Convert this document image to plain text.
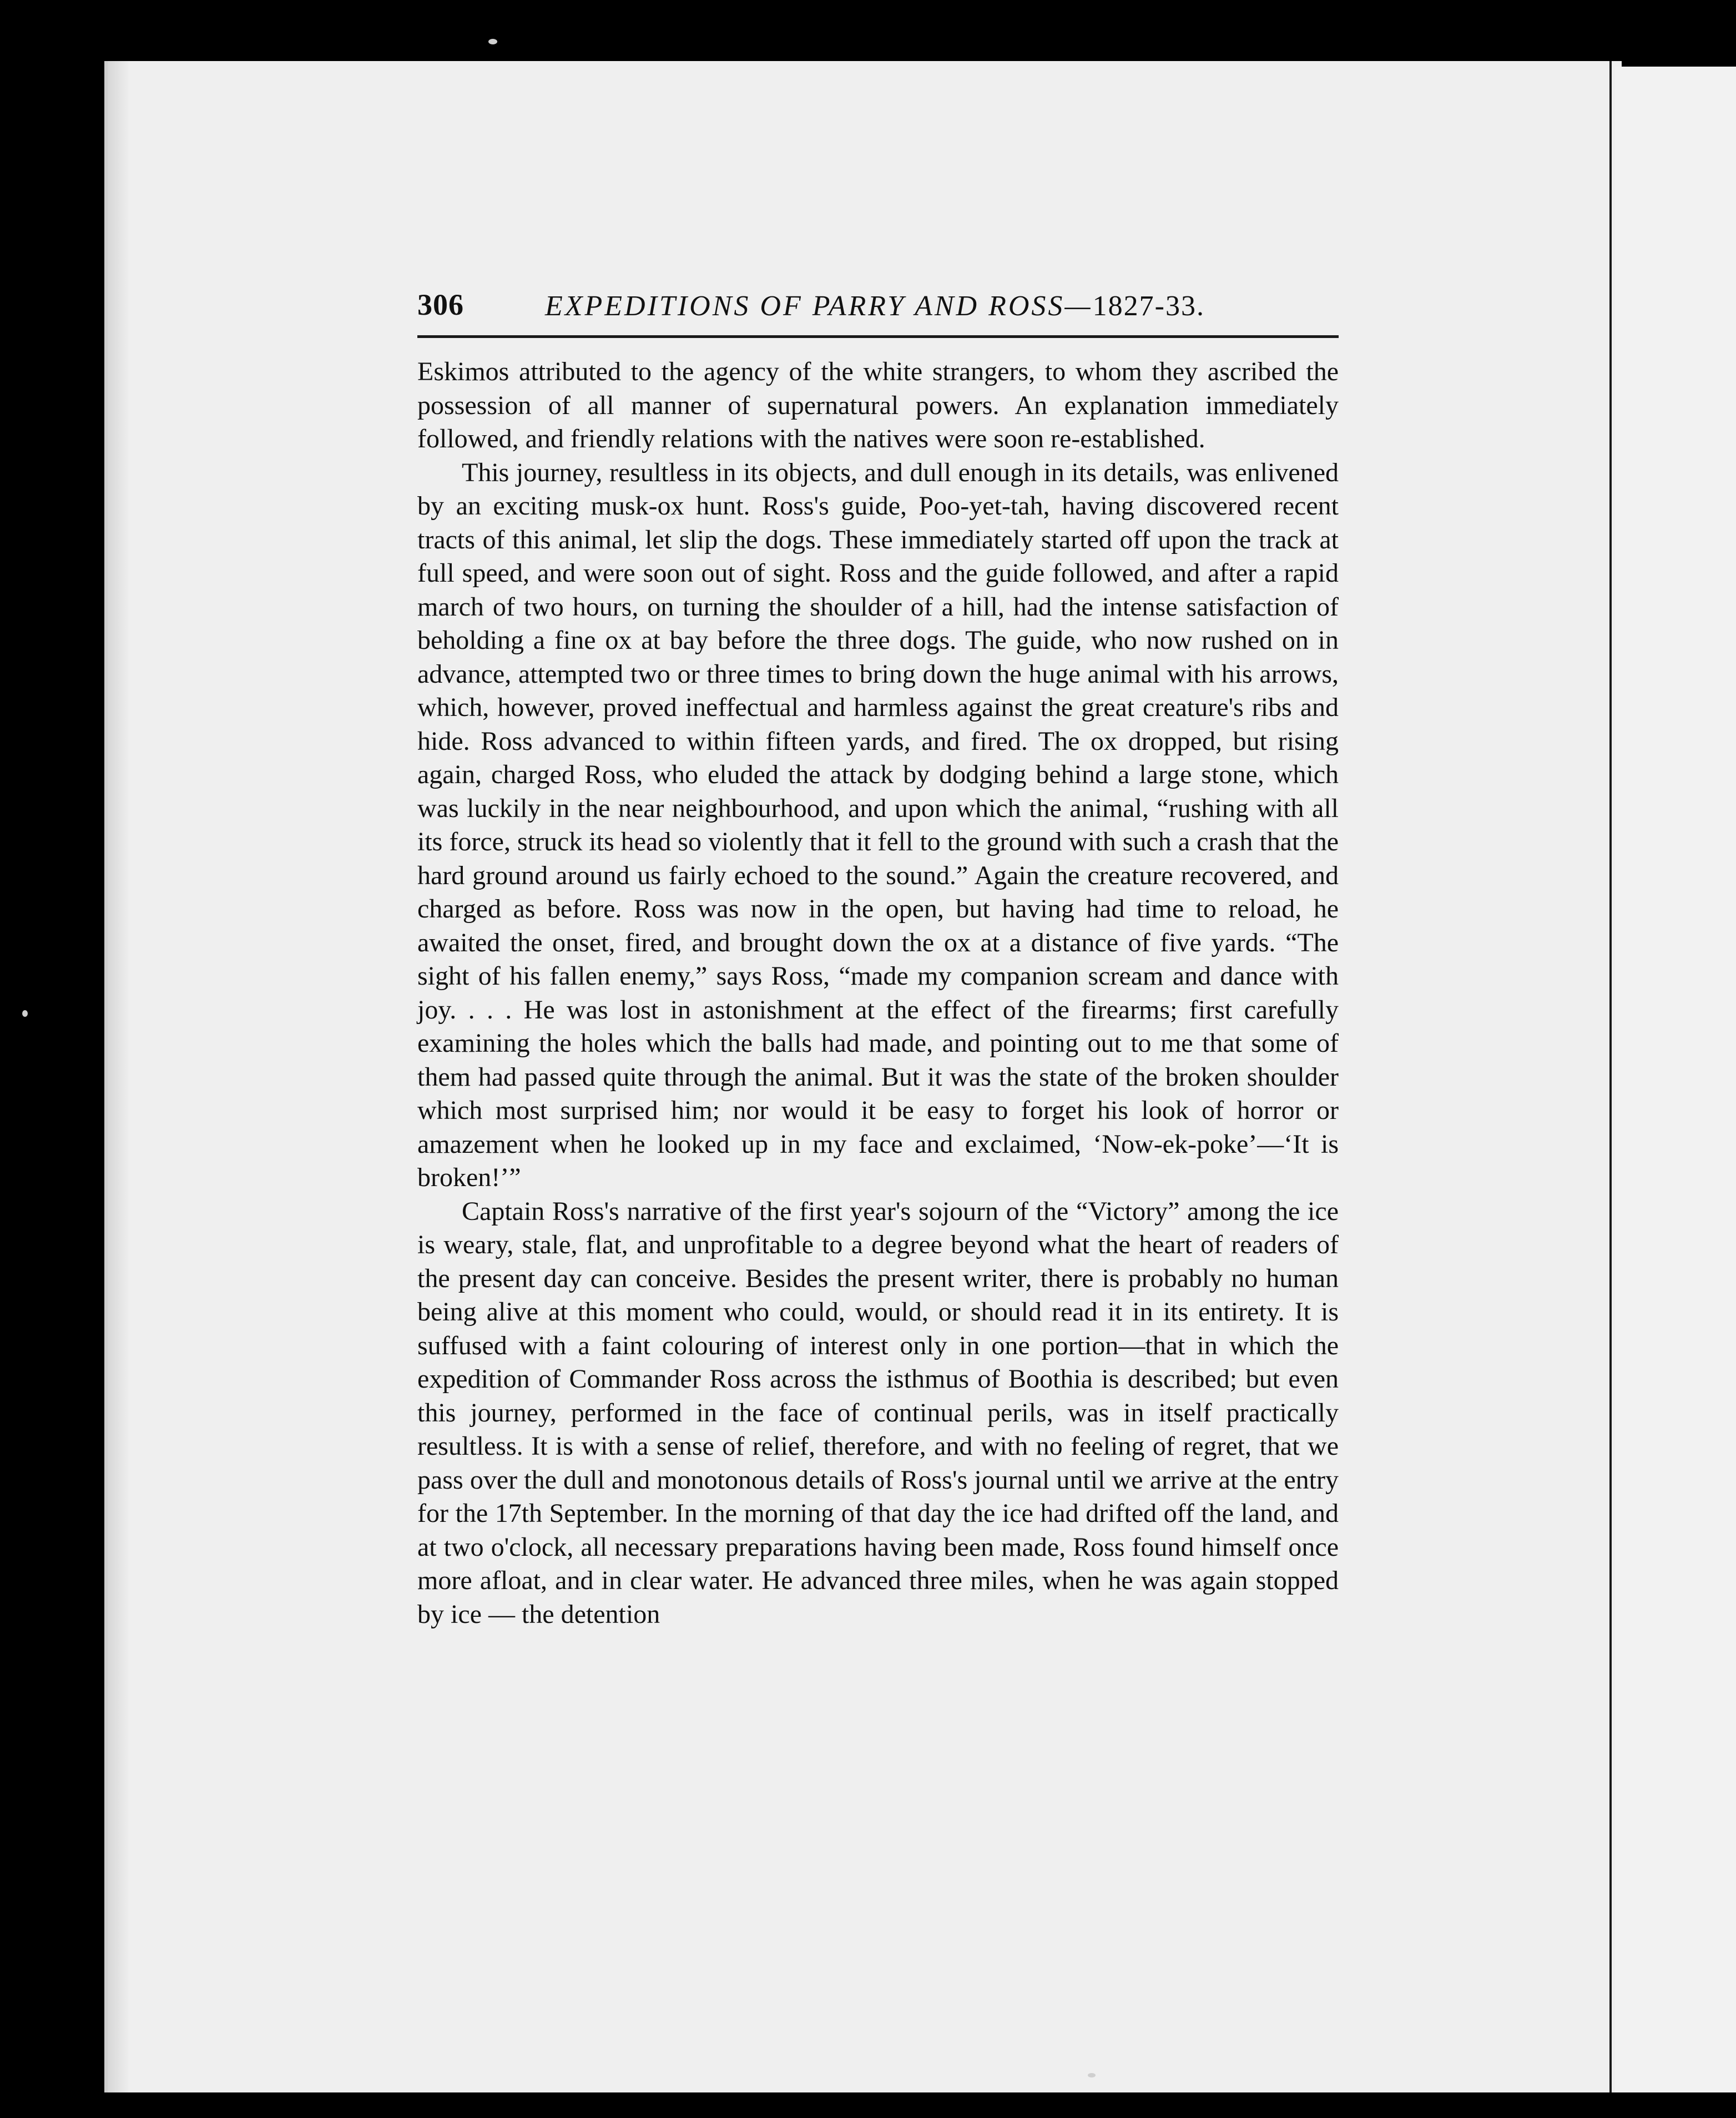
306	EXPEDITIONS OF PARRY AND ROSS—1827-33.

Eskimos attributed to the agency of the white strangers, to whom they ascribed the possession of all manner of supernatural powers. An explanation immediately followed, and friendly relations with the natives were soon re-established.

This journey, resultless in its objects, and dull enough in its details, was enlivened by an exciting musk-ox hunt. Ross's guide, Poo-yet-tah, having discovered recent tracts of this animal, let slip the dogs. These immediately started off upon the track at full speed, and were soon out of sight. Ross and the guide followed, and after a rapid march of two hours, on turning the shoulder of a hill, had the intense satisfaction of beholding a fine ox at bay before the three dogs. The guide, who now rushed on in advance, attempted two or three times to bring down the huge animal with his arrows, which, however, proved ineffectual and harmless against the great creature's ribs and hide. Ross advanced to within fifteen yards, and fired. The ox dropped, but rising again, charged Ross, who eluded the attack by dodging behind a large stone, which was luckily in the near neighbourhood, and upon which the animal, “rushing with all its force, struck its head so violently that it fell to the ground with such a crash that the hard ground around us fairly echoed to the sound.” Again the creature recovered, and charged as before. Ross was now in the open, but having had time to reload, he awaited the onset, fired, and brought down the ox at a distance of five yards. “The sight of his fallen enemy,” says Ross, “made my companion scream and dance with joy. . . . He was lost in astonishment at the effect of the firearms; first carefully examining the holes which the balls had made, and pointing out to me that some of them had passed quite through the animal. But it was the state of the broken shoulder which most surprised him; nor would it be easy to forget his look of horror or amazement when he looked up in my face and exclaimed, ‘Now-ek-poke’—‘It is broken!’”

Captain Ross's narrative of the first year's sojourn of the “Victory” among the ice is weary, stale, flat, and unprofitable to a degree beyond what the heart of readers of the present day can conceive. Besides the present writer, there is probably no human being alive at this moment who could, would, or should read it in its entirety. It is suffused with a faint colouring of interest only in one portion—that in which the expedition of Commander Ross across the isthmus of Boothia is described; but even this journey, performed in the face of continual perils, was in itself practically resultless. It is with a sense of relief, therefore, and with no feeling of regret, that we pass over the dull and monotonous details of Ross's journal until we arrive at the entry for the 17th September. In the morning of that day the ice had drifted off the land, and at two o'clock, all necessary preparations having been made, Ross found himself once more afloat, and in clear water. He advanced three miles, when he was again stopped by ice — the detention
